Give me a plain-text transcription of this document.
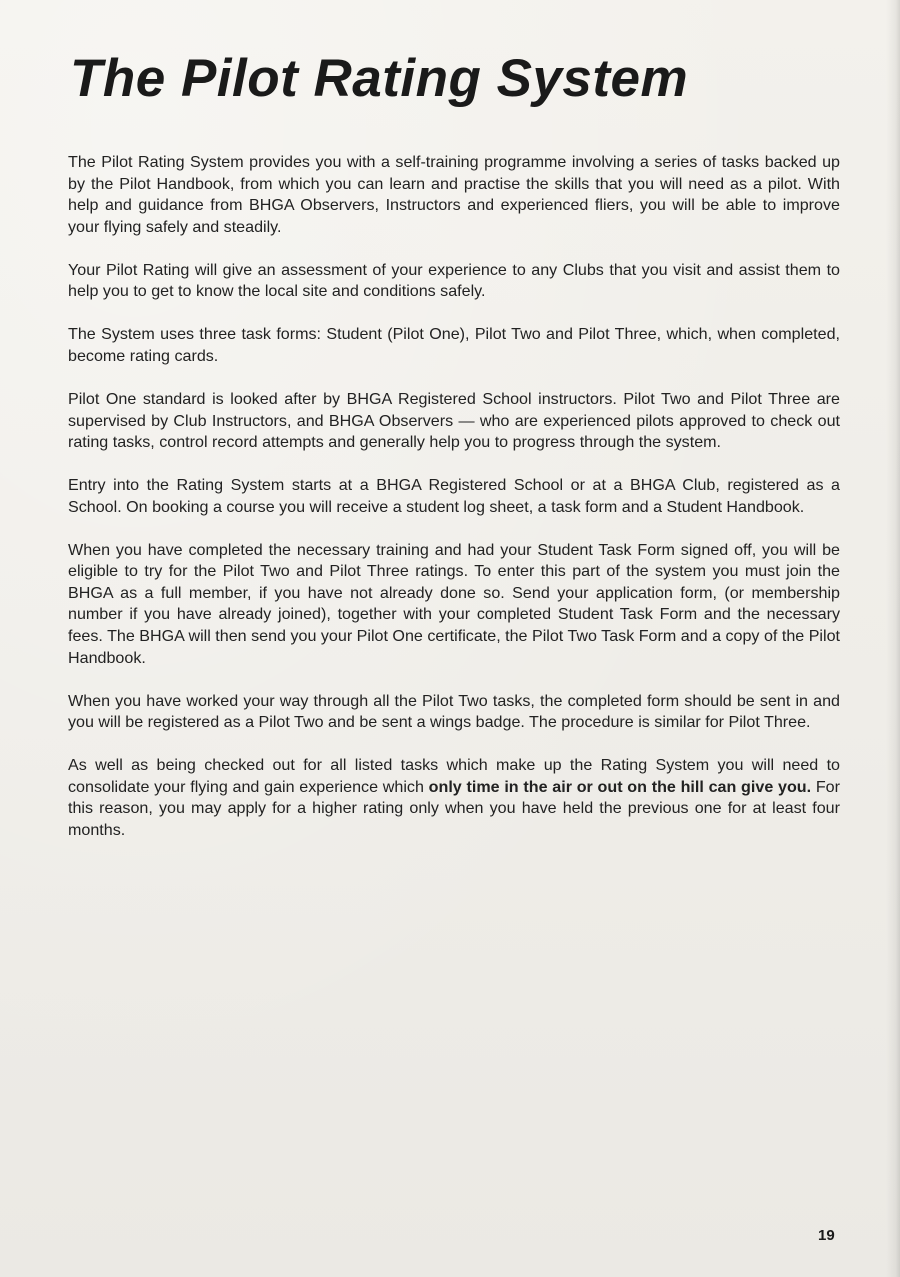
The Pilot Rating System

The Pilot Rating System provides you with a self-training programme involving a series of tasks backed up by the Pilot Handbook, from which you can learn and practise the skills that you will need as a pilot. With help and guidance from BHGA Observers, Instructors and experienced fliers, you will be able to improve your flying safely and steadily.

Your Pilot Rating will give an assessment of your experience to any Clubs that you visit and assist them to help you to get to know the local site and conditions safely.

The System uses three task forms: Student (Pilot One), Pilot Two and Pilot Three, which, when completed, become rating cards.

Pilot One standard is looked after by BHGA Registered School instructors. Pilot Two and Pilot Three are supervised by Club Instructors, and BHGA Observers — who are experienced pilots approved to check out rating tasks, control record attempts and generally help you to progress through the system.

Entry into the Rating System starts at a BHGA Registered School or at a BHGA Club, registered as a School. On booking a course you will receive a student log sheet, a task form and a Student Handbook.

When you have completed the necessary training and had your Student Task Form signed off, you will be eligible to try for the Pilot Two and Pilot Three ratings. To enter this part of the system you must join the BHGA as a full member, if you have not already done so. Send your application form, (or membership number if you have already joined), together with your completed Student Task Form and the necessary fees. The BHGA will then send you your Pilot One certificate, the Pilot Two Task Form and a copy of the Pilot Handbook.

When you have worked your way through all the Pilot Two tasks, the completed form should be sent in and you will be registered as a Pilot Two and be sent a wings badge. The procedure is similar for Pilot Three.

As well as being checked out for all listed tasks which make up the Rating System you will need to consolidate your flying and gain experience which only time in the air or out on the hill can give you. For this reason, you may apply for a higher rating only when you have held the previous one for at least four months.

19
